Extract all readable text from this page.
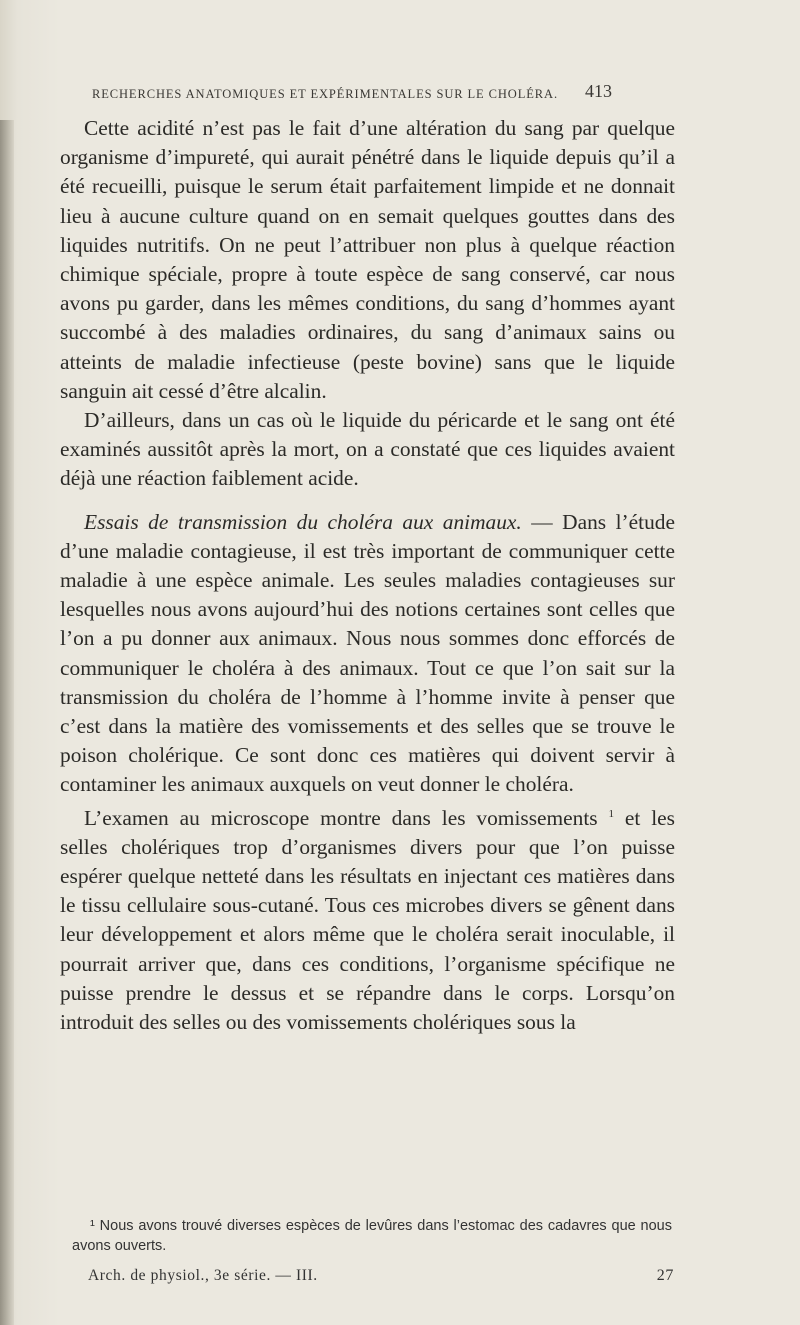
RECHERCHES ANATOMIQUES ET EXPÉRIMENTALES SUR LE CHOLÉRA.	413

Cette acidité n’est pas le fait d’une altération du sang par quelque organisme d’impureté, qui aurait pénétré dans le liquide depuis qu’il a été recueilli, puisque le serum était parfaitement limpide et ne donnait lieu à aucune culture quand on en semait quelques gouttes dans des liquides nutritifs. On ne peut l’attribuer non plus à quelque réaction chimique spéciale, propre à toute espèce de sang conservé, car nous avons pu garder, dans les mêmes conditions, du sang d’hommes ayant succombé à des maladies ordinaires, du sang d’animaux sains ou atteints de maladie infectieuse (peste bovine) sans que le liquide sanguin ait cessé d’être alcalin.

D’ailleurs, dans un cas où le liquide du péricarde et le sang ont été examinés aussitôt après la mort, on a constaté que ces liquides avaient déjà une réaction faiblement acide.

Essais de transmission du choléra aux animaux. — Dans l’étude d’une maladie contagieuse, il est très important de communiquer cette maladie à une espèce animale. Les seules maladies contagieuses sur lesquelles nous avons aujourd’hui des notions certaines sont celles que l’on a pu donner aux animaux. Nous nous sommes donc efforcés de communiquer le choléra à des animaux. Tout ce que l’on sait sur la transmission du choléra de l’homme à l’homme invite à penser que c’est dans la matière des vomissements et des selles que se trouve le poison cholérique. Ce sont donc ces matières qui doivent servir à contaminer les animaux auxquels on veut donner le choléra.

L’examen au microscope montre dans les vomissements $^1$ et les selles cholériques trop d’organismes divers pour que l’on puisse espérer quelque netteté dans les résultats en injectant ces matières dans le tissu cellulaire sous-cutané. Tous ces microbes divers se gênent dans leur développement et alors même que le choléra serait inoculable, il pourrait arriver que, dans ces conditions, l’organisme spécifique ne puisse prendre le dessus et se répandre dans le corps. Lorsqu’on introduit des selles ou des vomissements cholériques sous la

¹ Nous avons trouvé diverses espèces de levûres dans l’estomac des cadavres que nous avons ouverts.
Arch. de physiol., 3e série. — III.	27
